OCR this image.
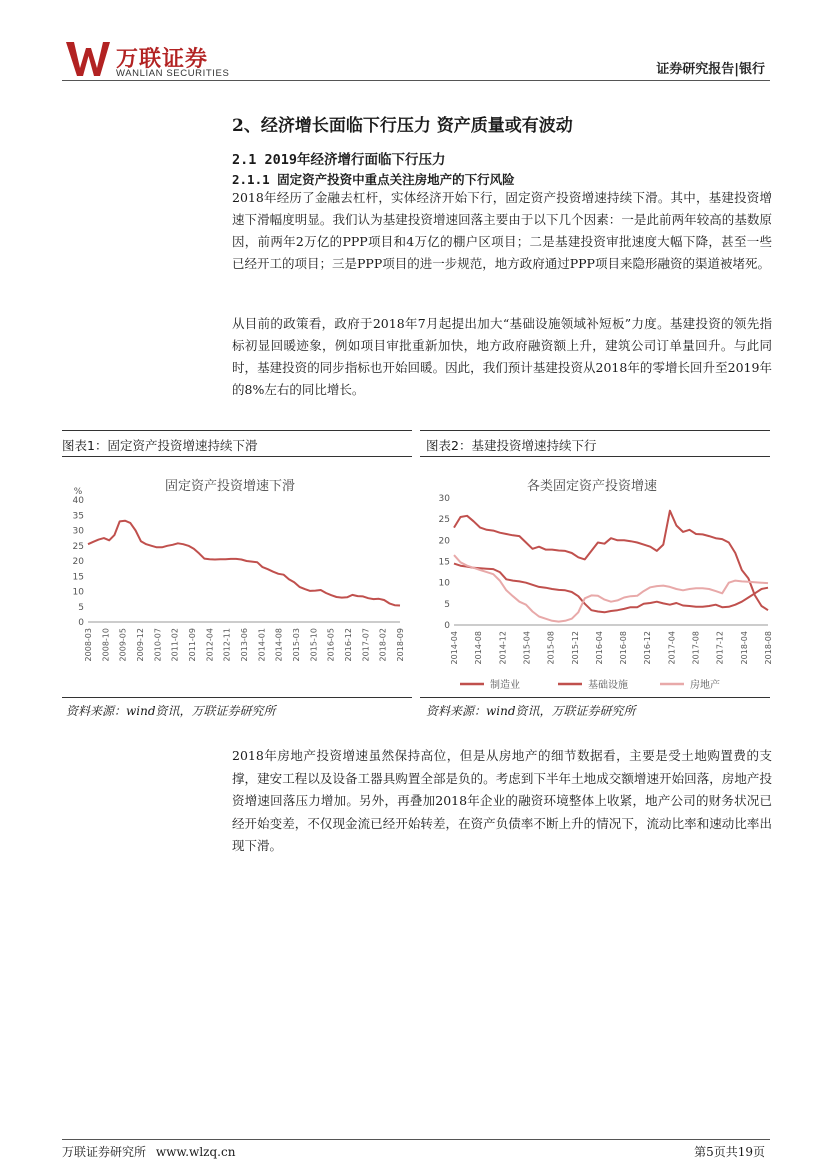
万联证券
WANLIAN SECURITIES	证券研究报告|银行
2、经济增长面临下行压力 资产质量或有波动
2.1 2019年经济增行面临下行压力
2.1.1 固定资产投资中重点关注房地产的下行风险

2018年经历了金融去杠杆，实体经济开始下行，固定资产投资增速持续下滑。其中，基建投资增速下滑幅度明显。我们认为基建投资增速回落主要由于以下几个因素：一是此前两年较高的基数原因，前两年2万亿的PPP项目和4万亿的棚户区项目；二是基建投资审批速度大幅下降，甚至一些已经开工的项目；三是PPP项目的进一步规范，地方政府通过PPP项目来隐形融资的渠道被堵死。

从目前的政策看，政府于2018年7月起提出加大“基础设施领域补短板”力度。基建投资的领先指标初显回暖迹象，例如项目审批重新加快，地方政府融资额上升，建筑公司订单量回升。与此同时，基建投资的同步指标也开始回暖。因此，我们预计基建投资从2018年的零增长回升至2019年的8%左右的同比增长。

图表1：固定资产投资增速持续下滑	图表2：基建投资增速持续下行
固定资产投资增速下滑	各类固定资产投资增速
0
5
10
15
20
25
30
35
40
%
2008-03 2008-10 2009-05 2009-12 2010-07 2011-02 2011-09 2012-04 2012-11 2013-06 2014-01 2014-08 2015-03 2015-10 2016-05 2016-12 2017-07 2018-02 2018-09
0
5
10
15
20
25
30
2014-04 2014-08 2014-12 2015-04 2015-08 2015-12 2016-04 2016-08 2016-12 2017-04 2017-08 2017-12 2018-04 2018-08
制造业	基础设施	房地产
资料来源：wind资讯，万联证券研究所	资料来源：wind资讯，万联证券研究所

2018年房地产投资增速虽然保持高位，但是从房地产的细节数据看，主要是受土地购置费的支撑，建安工程以及设备工器具购置全部是负的。考虑到下半年土地成交额增速开始回落，房地产投资增速回落压力增加。另外，再叠加2018年企业的融资环境整体上收紧，地产公司的财务状况已经开始变差，不仅现金流已经开始转差，在资产负债率不断上升的情况下，流动比率和速动比率出现下滑。

万联证券研究所 www.wlzq.cn	第5页共19页
